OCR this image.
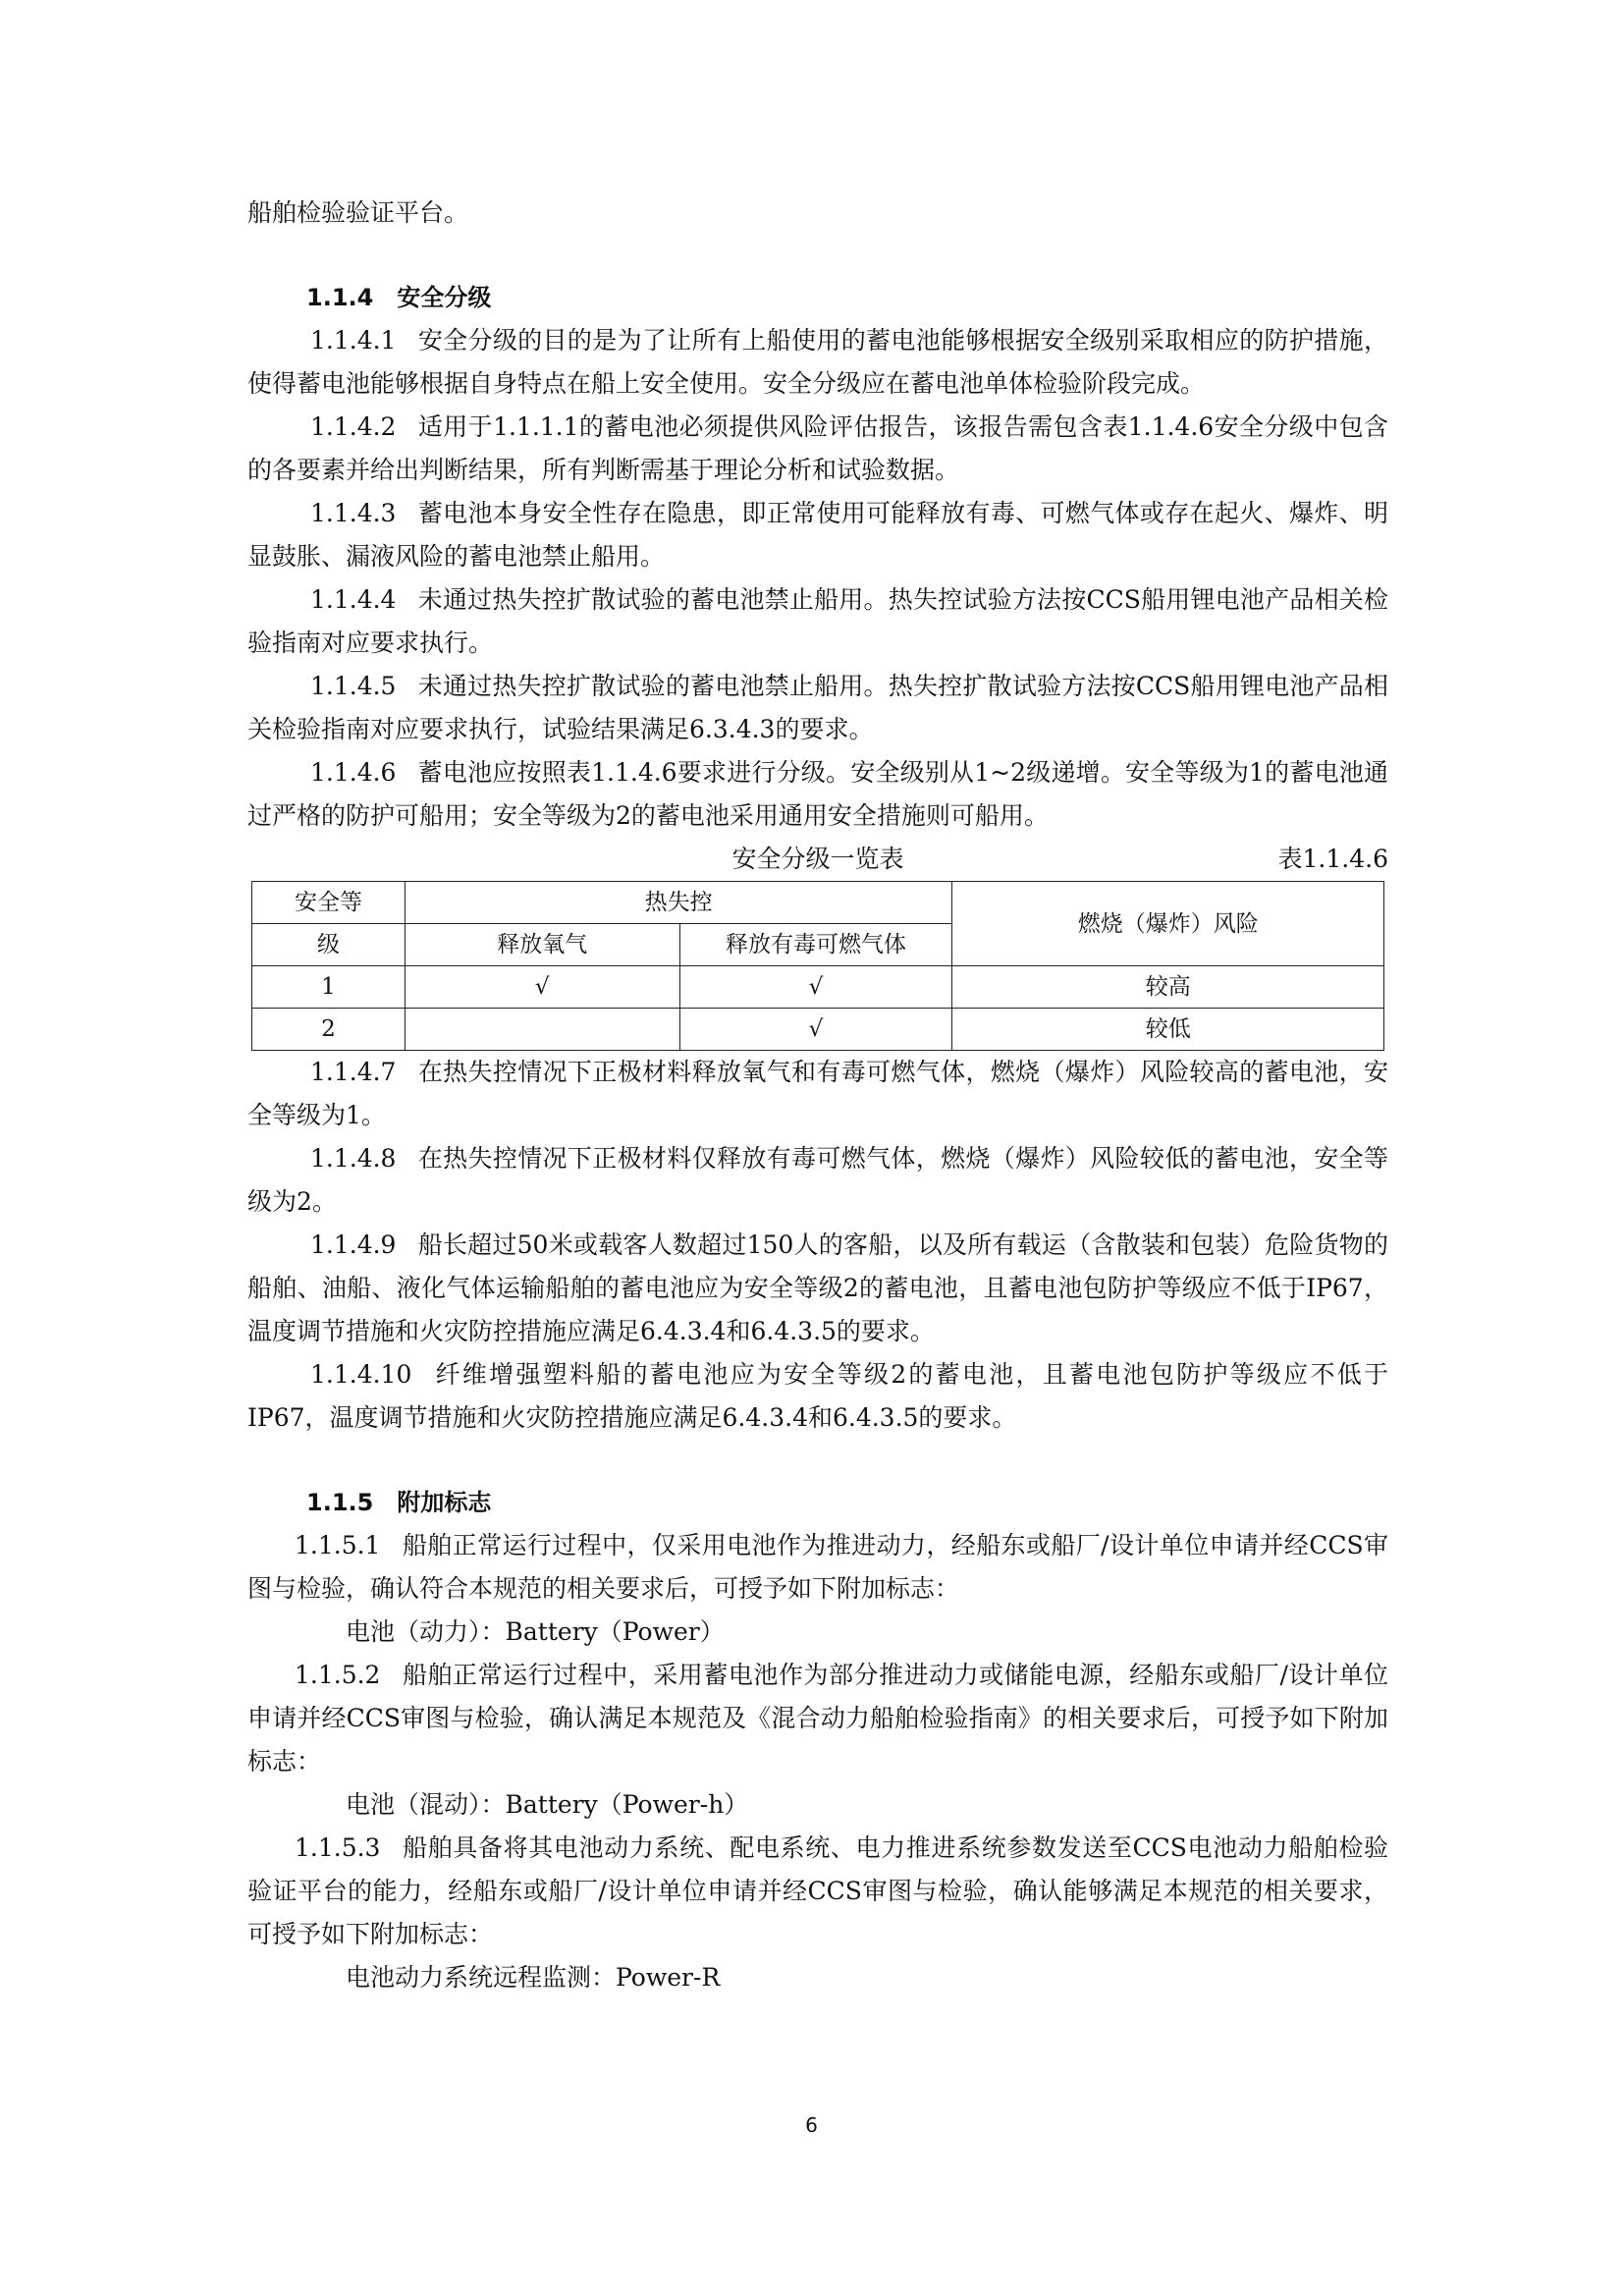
船舶检验验证平台。

1.1.4 安全分级

1.1.4.1 安全分级的目的是为了让所有上船使用的蓄电池能够根据安全级别采取相应的防护措施，使得蓄电池能够根据自身特点在船上安全使用。安全分级应在蓄电池单体检验阶段完成。

1.1.4.2 适用于1.1.1.1的蓄电池必须提供风险评估报告，该报告需包含表1.1.4.6安全分级中包含的各要素并给出判断结果，所有判断需基于理论分析和试验数据。

1.1.4.3 蓄电池本身安全性存在隐患，即正常使用可能释放有毒、可燃气体或存在起火、爆炸、明显鼓胀、漏液风险的蓄电池禁止船用。

1.1.4.4 未通过热失控扩散试验的蓄电池禁止船用。热失控试验方法按CCS船用锂电池产品相关检验指南对应要求执行。

1.1.4.5 未通过热失控扩散试验的蓄电池禁止船用。热失控扩散试验方法按CCS船用锂电池产品相关检验指南对应要求执行，试验结果满足6.3.4.3的要求。

1.1.4.6 蓄电池应按照表1.1.4.6要求进行分级。安全级别从1~2级递增。安全等级为1的蓄电池通过严格的防护可船用；安全等级为2的蓄电池采用通用安全措施则可船用。

安全分级一览表	表1.1.4.6
安全等	热失控		燃烧（爆炸）风险
级	释放氧气	释放有毒可燃气体	
1	√	√	较高
2		√	较低

1.1.4.7 在热失控情况下正极材料释放氧气和有毒可燃气体，燃烧（爆炸）风险较高的蓄电池，安全等级为1。

1.1.4.8 在热失控情况下正极材料仅释放有毒可燃气体，燃烧（爆炸）风险较低的蓄电池，安全等级为2。

1.1.4.9 船长超过50米或载客人数超过150人的客船，以及所有载运（含散装和包装）危险货物的船舶、油船、液化气体运输船舶的蓄电池应为安全等级2的蓄电池，且蓄电池包防护等级应不低于IP67，温度调节措施和火灾防控措施应满足6.4.3.4和6.4.3.5的要求。

1.1.4.10 纤维增强塑料船的蓄电池应为安全等级2的蓄电池，且蓄电池包防护等级应不低于IP67，温度调节措施和火灾防控措施应满足6.4.3.4和6.4.3.5的要求。

1.1.5 附加标志

1.1.5.1 船舶正常运行过程中，仅采用电池作为推进动力，经船东或船厂/设计单位申请并经CCS审图与检验，确认符合本规范的相关要求后，可授予如下附加标志：

电池（动力）：Battery（Power）

1.1.5.2 船舶正常运行过程中，采用蓄电池作为部分推进动力或储能电源，经船东或船厂/设计单位申请并经CCS审图与检验，确认满足本规范及《混合动力船舶检验指南》的相关要求后，可授予如下附加标志：

电池（混动）：Battery（Power-h）

1.1.5.3 船舶具备将其电池动力系统、配电系统、电力推进系统参数发送至CCS电池动力船舶检验验证平台的能力，经船东或船厂/设计单位申请并经CCS审图与检验，确认能够满足本规范的相关要求，可授予如下附加标志：

电池动力系统远程监测：Power-R

6
